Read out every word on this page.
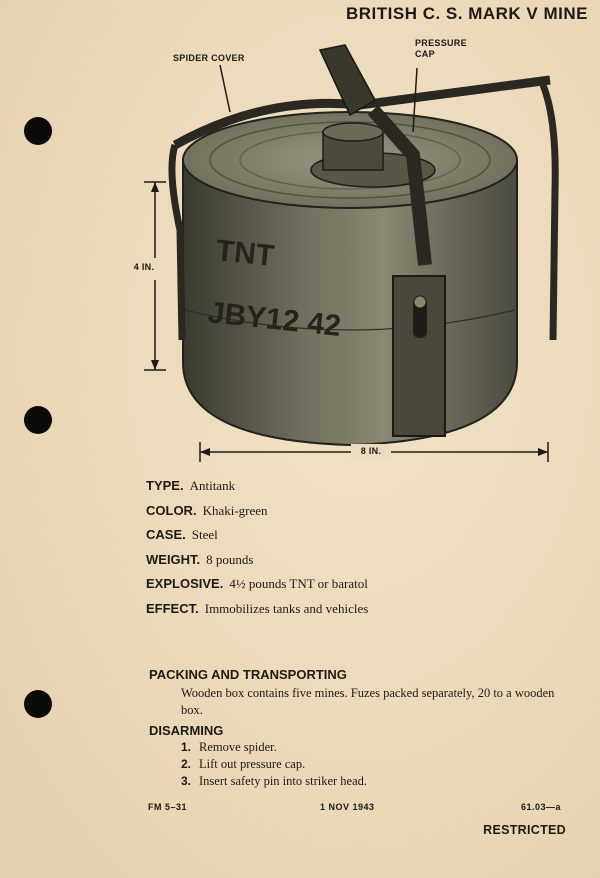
BRITISH C. S. MARK V MINE
SPIDER COVER
PRESSURE
CAP
TNT
JBY12 42
4 IN.
8 IN.
TYPE. Antitank
COLOR. Khaki-green
CASE. Steel
WEIGHT. 8 pounds
EXPLOSIVE. 4½ pounds TNT or baratol
EFFECT. Immobilizes tanks and vehicles
PACKING AND TRANSPORTING
Wooden box contains five mines. Fuzes packed separately, 20 to a wooden box.
DISARMING
1. Remove spider.
2. Lift out pressure cap.
3. Insert safety pin into striker head.
FM 5–31	1 NOV 1943	61.03—a
RESTRICTED
